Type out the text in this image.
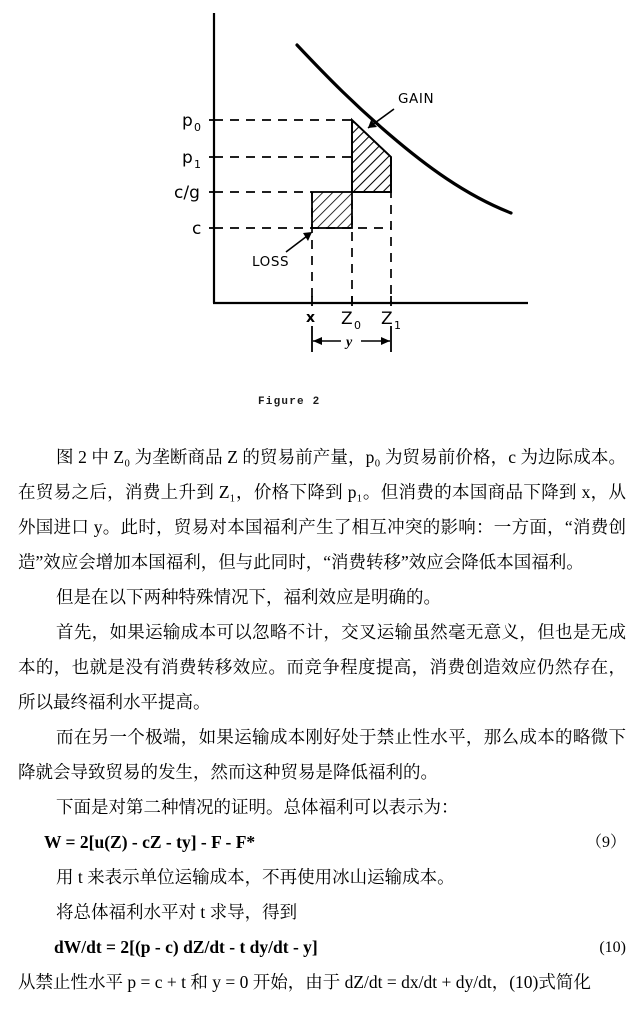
p 0
p 1
c/g
c
x Z 0 Z 1
GAIN
LOSS
y
Figure 2

图 2 中 Z₀ 为垄断商品 Z 的贸易前产量，p₀ 为贸易前价格，c 为边际成本。在贸易之后，消费上升到 Z₁，价格下降到 p₁。但消费的本国商品下降到 x，从外国进口 y。此时，贸易对本国福利产生了相互冲突的影响：一方面，“消费创造”效应会增加本国福利，但与此同时，“消费转移”效应会降低本国福利。

但是在以下两种特殊情况下，福利效应是明确的。

首先，如果运输成本可以忽略不计，交叉运输虽然毫无意义，但也是无成本的，也就是没有消费转移效应。而竞争程度提高，消费创造效应仍然存在，所以最终福利水平提高。

而在另一个极端，如果运输成本刚好处于禁止性水平，那么成本的略微下降就会导致贸易的发生，然而这种贸易是降低福利的。

下面是对第二种情况的证明。总体福利可以表示为：

W = 2[u(Z) - cZ - ty] - F - F*	（9）

用 t 来表示单位运输成本，不再使用冰山运输成本。

将总体福利水平对 t 求导，得到

dW/dt = 2[(p - c) dZ/dt - t dy/dt - y]	(10)

从禁止性水平 p = c + t 和 y = 0 开始，由于 dZ/dt = dx/dt + dy/dt，(10)式简化
